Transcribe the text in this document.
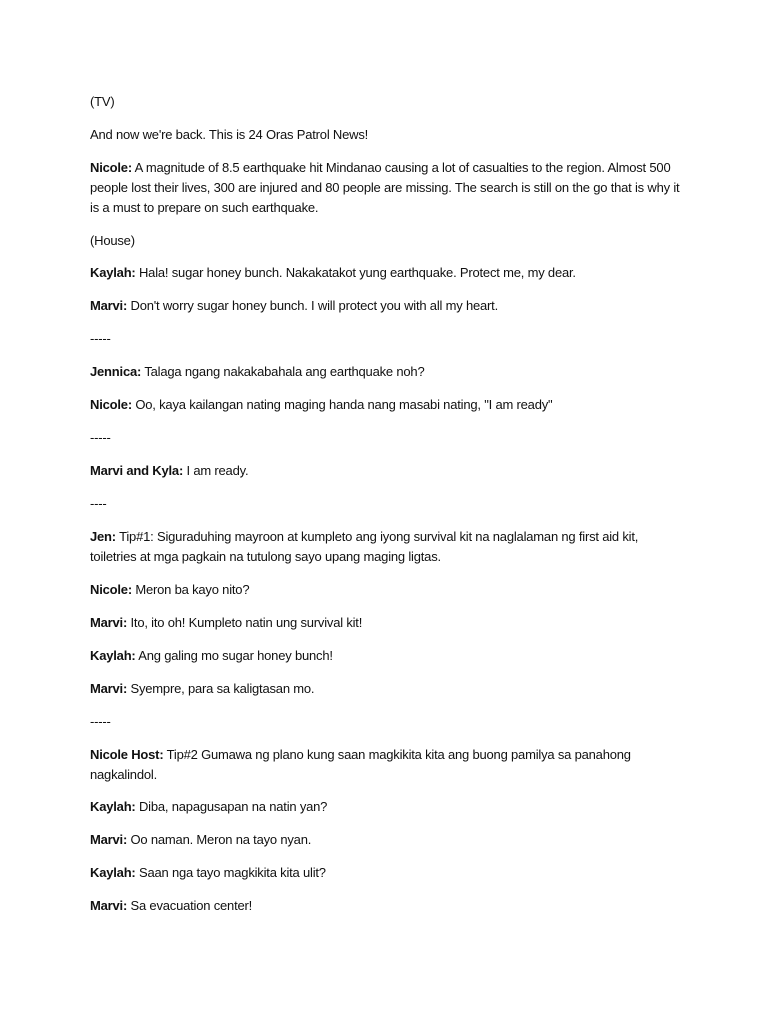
(TV)
And now we're back. This is 24 Oras Patrol News!
Nicole: A magnitude of 8.5 earthquake hit Mindanao causing a lot of casualties to the region. Almost 500 people lost their lives, 300 are injured and 80 people are missing. The search is still on the go that is why it is a must to prepare on such earthquake.
(House)
Kaylah: Hala! sugar honey bunch. Nakakatakot yung earthquake. Protect me, my dear.
Marvi: Don't worry sugar honey bunch. I will protect you with all my heart.
-----
Jennica: Talaga ngang nakakabahala ang earthquake noh?
Nicole: Oo, kaya kailangan nating maging handa nang masabi nating, "I am ready"
-----
Marvi and Kyla: I am ready.
----
Jen: Tip#1: Siguraduhing mayroon at kumpleto ang iyong survival kit na naglalaman ng first aid kit, toiletries at mga pagkain na tutulong sayo upang maging ligtas.
Nicole: Meron ba kayo nito?
Marvi: Ito, ito oh! Kumpleto natin ung survival kit!
Kaylah: Ang galing mo sugar honey bunch!
Marvi: Syempre, para sa kaligtasan mo.
-----
Nicole Host: Tip#2 Gumawa ng plano kung saan magkikita kita ang buong pamilya sa panahong nagkalindol.
Kaylah: Diba, napagusapan na natin yan?
Marvi: Oo naman. Meron na tayo nyan.
Kaylah: Saan nga tayo magkikita kita ulit?
Marvi: Sa evacuation center!
